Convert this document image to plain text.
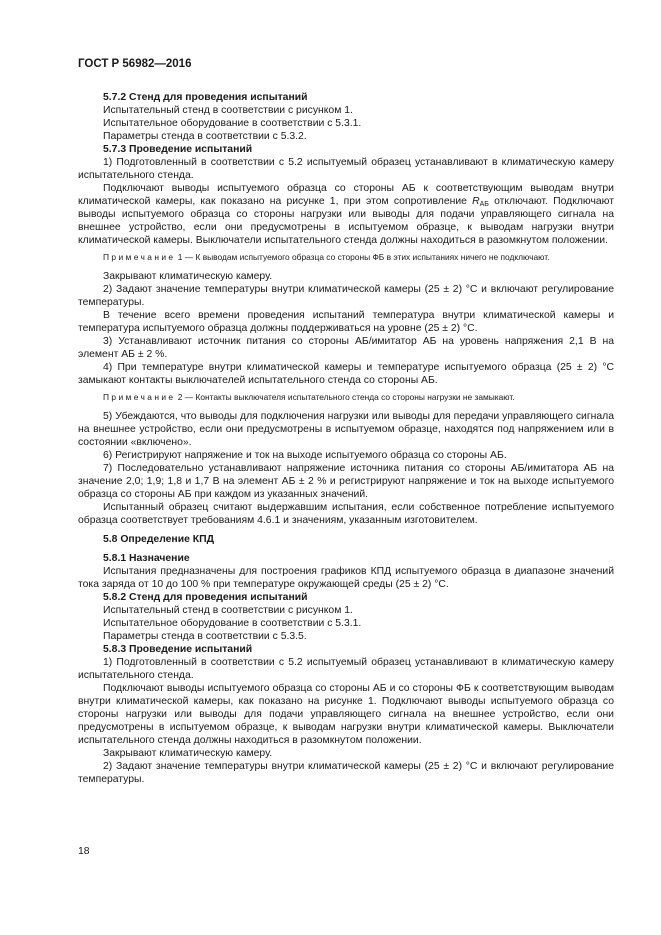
ГОСТ Р 56982—2016

5.7.2 Стенд для проведения испытаний

Испытательный стенд в соответствии с рисунком 1.

Испытательное оборудование в соответствии с 5.3.1.

Параметры стенда в соответствии с 5.3.2.

5.7.3 Проведение испытаний

1) Подготовленный в соответствии с 5.2 испытуемый образец устанавливают в климатическую камеру испытательного стенда.

Подключают выводы испытуемого образца со стороны АБ к соответствующим выводам внутри климатической камеры, как показано на рисунке 1, при этом сопротивление $R_{АБ}$ отключают. Подключают выводы испытуемого образца со стороны нагрузки или выводы для подачи управляющего сигнала на внешнее устройство, если они предусмотрены в испытуемом образце, к выводам нагрузки внутри климатической камеры. Выключатели испытательного стенда должны находиться в разомкнутом положении.

Примечание 1 — К выводам испытуемого образца со стороны ФБ в этих испытаниях ничего не подключают.

Закрывают климатическую камеру.

2) Задают значение температуры внутри климатической камеры (25 ± 2) °C и включают регулирование температуры.

В течение всего времени проведения испытаний температура внутри климатической камеры и температура испытуемого образца должны поддерживаться на уровне (25 ± 2) °C.

3) Устанавливают источник питания со стороны АБ/имитатор АБ на уровень напряжения 2,1 В на элемент АБ ± 2 %.

4) При температуре внутри климатической камеры и температуре испытуемого образца (25 ± 2) °C замыкают контакты выключателей испытательного стенда со стороны АБ.

Примечание 2 — Контакты выключателя испытательного стенда со стороны нагрузки не замыкают.

5) Убеждаются, что выводы для подключения нагрузки или выводы для передачи управляющего сигнала на внешнее устройство, если они предусмотрены в испытуемом образце, находятся под напряжением или в состоянии «включено».

6) Регистрируют напряжение и ток на выходе испытуемого образца со стороны АБ.

7) Последовательно устанавливают напряжение источника питания со стороны АБ/имитатора АБ на значение 2,0; 1,9; 1,8 и 1,7 В на элемент АБ ± 2 % и регистрируют напряжение и ток на выходе испытуемого образца со стороны АБ при каждом из указанных значений.

Испытанный образец считают выдержавшим испытания, если собственное потребление испытуемого образца соответствует требованиям 4.6.1 и значениям, указанным изготовителем.

5.8 Определение КПД

5.8.1 Назначение

Испытания предназначены для построения графиков КПД испытуемого образца в диапазоне значений тока заряда от 10 до 100 % при температуре окружающей среды (25 ± 2) °C.

5.8.2 Стенд для проведения испытаний

Испытательный стенд в соответствии с рисунком 1.

Испытательное оборудование в соответствии с 5.3.1.

Параметры стенда в соответствии с 5.3.5.

5.8.3 Проведение испытаний

1) Подготовленный в соответствии с 5.2 испытуемый образец устанавливают в климатическую камеру испытательного стенда.

Подключают выводы испытуемого образца со стороны АБ и со стороны ФБ к соответствующим выводам внутри климатической камеры, как показано на рисунке 1. Подключают выводы испытуемого образца со стороны нагрузки или выводы для подачи управляющего сигнала на внешнее устройство, если они предусмотрены в испытуемом образце, к выводам нагрузки внутри климатической камеры. Выключатели испытательного стенда должны находиться в разомкнутом положении.

Закрывают климатическую камеру.

2) Задают значение температуры внутри климатической камеры (25 ± 2) °C и включают регулирование температуры.

18
